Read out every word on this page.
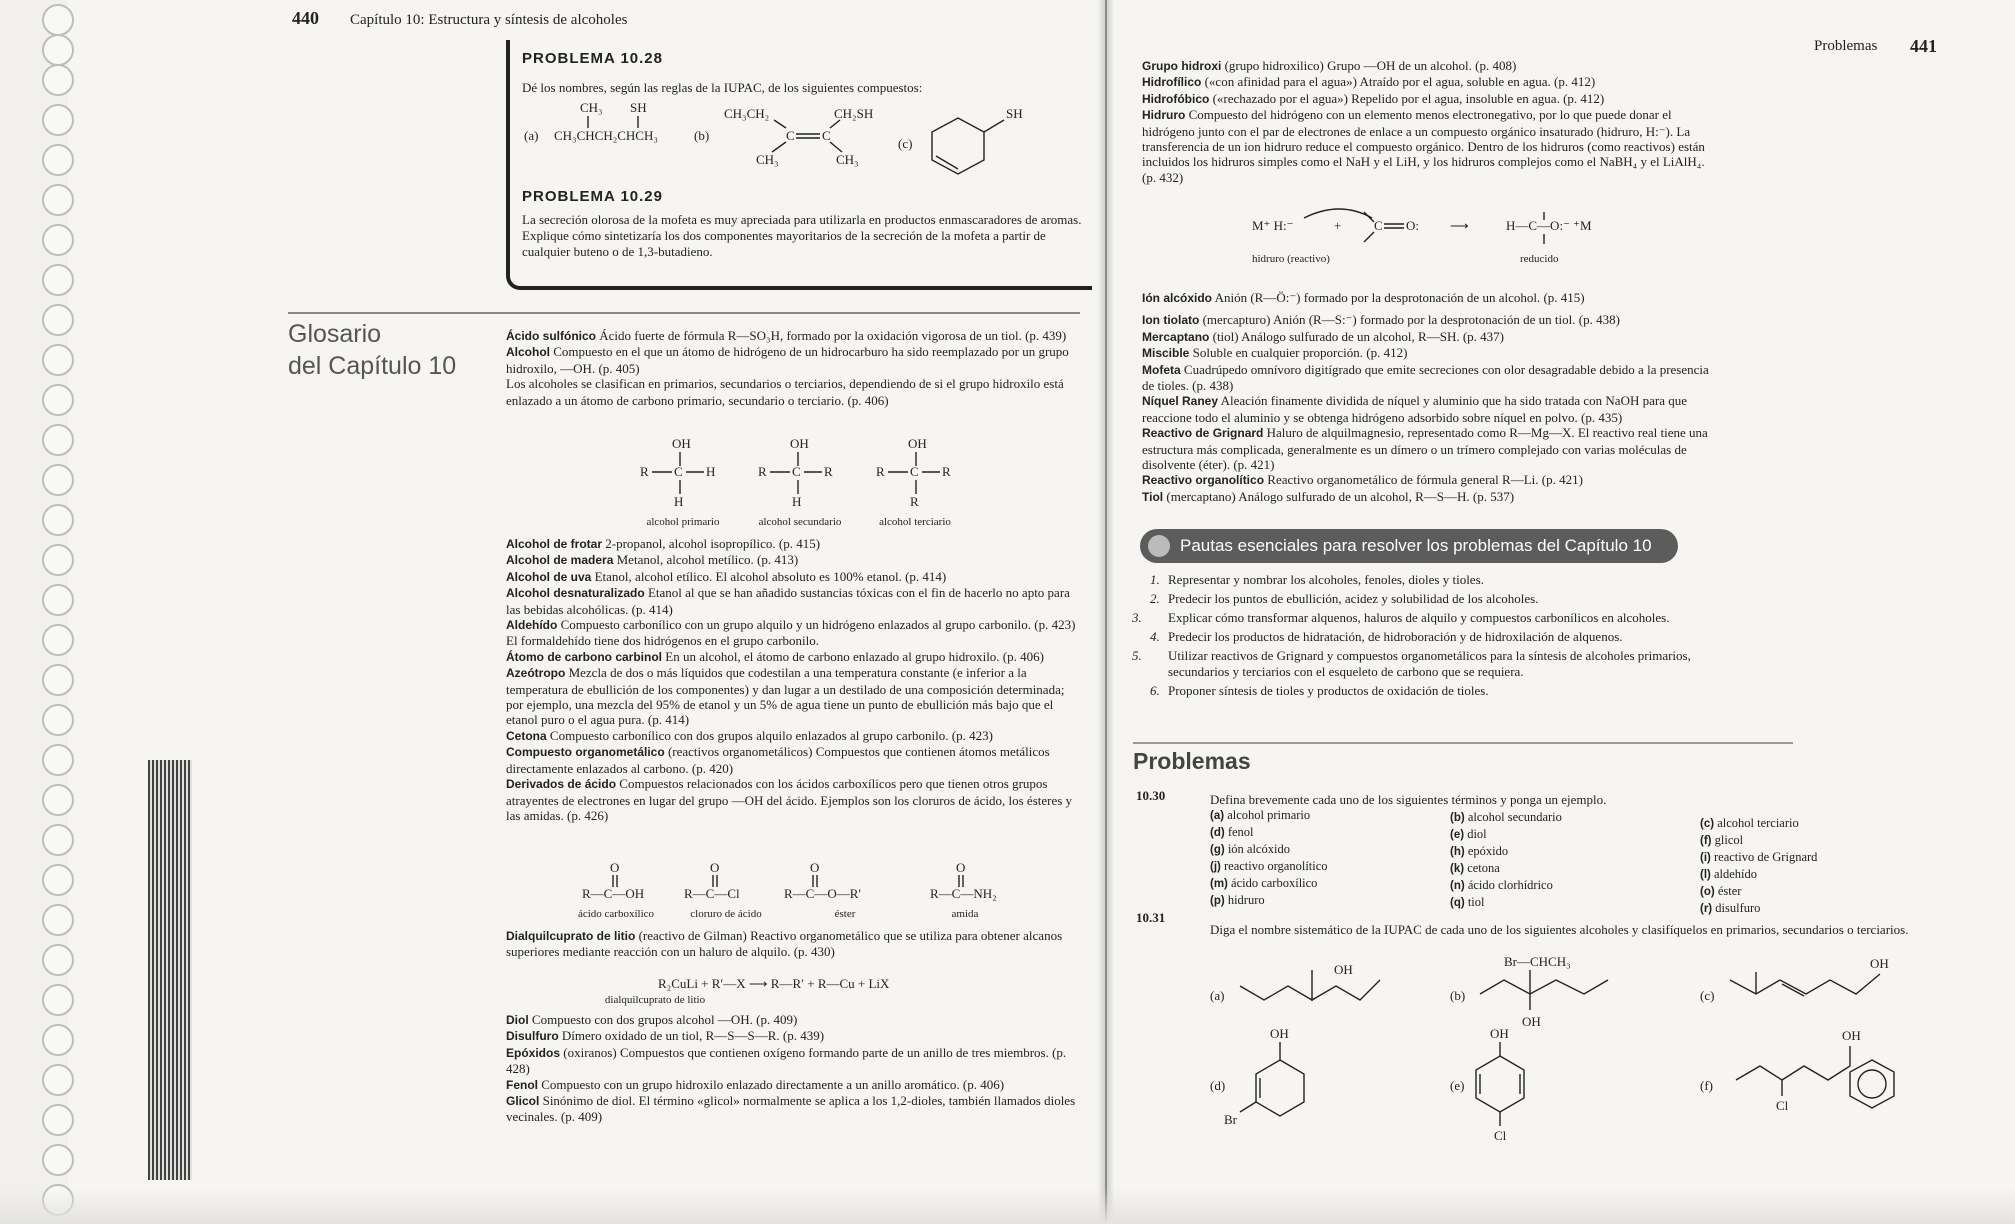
440 Capítulo 10: Estructura y síntesis de alcoholes
PROBLEMA 10.28
Dé los nombres, según las reglas de la IUPAC, de los siguientes compuestos:
(a) CH₃CHCH₂CHCH₃
CH₃ SH
(b)
CH₃CH₂	CH₂SH
CH₃	CH₃
C C
(c)
SH
PROBLEMA 10.29
La secreción olorosa de la mofeta es muy apreciada para utilizarla en productos enmascaradores de aromas. Explique cómo sintetizaría los dos componentes mayoritarios de la secreción de la mofeta a partir de cualquier buteno o de 1,3-butadieno.
Glosario
del Capítulo 10
Ácido sulfónico Ácido fuerte de fórmula R—SO₃H, formado por la oxidación vigorosa de un tiol. (p. 439)
Alcohol Compuesto en el que un átomo de hidrógeno de un hidrocarburo ha sido reemplazado por un grupo hidroxilo, —OH. (p. 405)
Los alcoholes se clasifican en primarios, secundarios o terciarios, dependiendo de si el grupo hidroxilo está enlazado a un átomo de carbono primario, secundario o terciario. (p. 406)
OH
R C H
H
OH
R C R
H
OH
R C R
R
alcohol primario	alcohol secundario	alcohol terciario
Alcohol de frotar 2-propanol, alcohol isopropílico. (p. 415)
Alcohol de madera Metanol, alcohol metílico. (p. 413)
Alcohol de uva Etanol, alcohol etílico. El alcohol absoluto es 100% etanol. (p. 414)
Alcohol desnaturalizado Etanol al que se han añadido sustancias tóxicas con el fin de hacerlo no apto para las bebidas alcohólicas. (p. 414)
Aldehído Compuesto carbonílico con un grupo alquilo y un hidrógeno enlazados al grupo carbonilo. (p. 423) El formaldehído tiene dos hidrógenos en el grupo carbonilo.
Átomo de carbono carbinol En un alcohol, el átomo de carbono enlazado al grupo hidroxilo. (p. 406)
Azeótropo Mezcla de dos o más líquidos que codestilan a una temperatura constante (e inferior a la temperatura de ebullición de los componentes) y dan lugar a un destilado de una composición determinada; por ejemplo, una mezcla del 95% de etanol y un 5% de agua tiene un punto de ebullición más bajo que el etanol puro o el agua pura. (p. 414)
Cetona Compuesto carbonílico con dos grupos alquilo enlazados al grupo carbonilo. (p. 423)
Compuesto organometálico (reactivos organometálicos) Compuestos que contienen átomos metálicos directamente enlazados al carbono. (p. 420)
Derivados de ácido Compuestos relacionados con los ácidos carboxílicos pero que tienen otros grupos atrayentes de electrones en lugar del grupo —OH del ácido. Ejemplos son los cloruros de ácido, los ésteres y las amidas. (p. 426)
O
R—C—OH
O
R—C—Cl
O
R—C—O—R′
O
R—C—NH₂
ácido carboxílico	cloruro de ácido	éster	amida
Dialquilcuprato de litio (reactivo de Gilman) Reactivo organometálico que se utiliza para obtener alcanos superiores mediante reacción con un haluro de alquilo. (p. 430)
R₂CuLi + R′—X ⟶ R—R′ + R—Cu + LiX
dialquilcuprato de litio
Diol Compuesto con dos grupos alcohol —OH. (p. 409)
Disulfuro Dímero oxidado de un tiol, R—S—S—R. (p. 439)
Epóxidos (oxiranos) Compuestos que contienen oxígeno formando parte de un anillo de tres miembros. (p. 428)
Fenol Compuesto con un grupo hidroxilo enlazado directamente a un anillo aromático. (p. 406)
Glicol Sinónimo de diol. El término «glicol» normalmente se aplica a los 1,2-dioles, también llamados dioles vecinales. (p. 409)
Problemas 441
Grupo hidroxi (grupo hidroxilico) Grupo —OH de un alcohol. (p. 408)
Hidrofílico («con afinidad para el agua») Atraído por el agua, soluble en agua. (p. 412)
Hidrofóbico («rechazado por el agua») Repelido por el agua, insoluble en agua. (p. 412)
Hidruro Compuesto del hidrógeno con un elemento menos electronegativo, por lo que puede donar el hidrógeno junto con el par de electrones de enlace a un compuesto orgánico insaturado (hidruro, H:⁻). La transferencia de un ion hidruro reduce el compuesto orgánico. Dentro de los hidruros (como reactivos) están incluidos los hidruros simples como el NaH y el LiH, y los hidruros complejos como el NaBH₄ y el LiAlH₄. (p. 432)
M⁺ H:⁻	+	C O: ⟶	H—C—O:⁻ ⁺M
hidruro (reactivo)	reducido
Ión alcóxido Anión (R—Ö:⁻) formado por la desprotonación de un alcohol. (p. 415)
Ion tiolato (mercapturo) Anión (R—S:⁻) formado por la desprotonación de un tiol. (p. 438)
Mercaptano (tiol) Análogo sulfurado de un alcohol, R—SH. (p. 437)
Miscible Soluble en cualquier proporción. (p. 412)
Mofeta Cuadrúpedo omnívoro digitígrado que emite secreciones con olor desagradable debido a la presencia de tioles. (p. 438)
Níquel Raney Aleación finamente dividida de níquel y aluminio que ha sido tratada con NaOH para que reaccione todo el aluminio y se obtenga hidrógeno adsorbido sobre níquel en polvo. (p. 435)
Reactivo de Grignard Haluro de alquilmagnesio, representado como R—Mg—X. El reactivo real tiene una estructura más complicada, generalmente es un dímero o un trímero complejado con varias moléculas de disolvente (éter). (p. 421)
Reactivo organolítico Reactivo organometálico de fórmula general R—Li. (p. 421)
Tiol (mercaptano) Análogo sulfurado de un alcohol, R—S—H. (p. 537)
Pautas esenciales para resolver los problemas del Capítulo 10
1. Representar y nombrar los alcoholes, fenoles, dioles y tioles.
2. Predecir los puntos de ebullición, acidez y solubilidad de los alcoholes.
3. Explicar cómo transformar alquenos, haluros de alquilo y compuestos carbonílicos en alcoholes.
4. Predecir los productos de hidratación, de hidroboración y de hidroxilación de alquenos.
5. Utilizar reactivos de Grignard y compuestos organometálicos para la síntesis de alcoholes primarios, secundarios y terciarios con el esqueleto de carbono que se requiera.
6. Proponer síntesis de tioles y productos de oxidación de tioles.
Problemas
10.30	Defina brevemente cada uno de los siguientes términos y ponga un ejemplo.
(a) alcohol primario	(b) alcohol secundario	(c) alcohol terciario
(d) fenol	(e) diol	(f) glicol
(g) ión alcóxido	(h) epóxido	(i) reactivo de Grignard
(j) reactivo organolítico	(k) cetona	(l) aldehído
(m) ácido carboxílico	(n) ácido clorhídrico	(o) éster
(p) hidruro	(q) tiol	(r) disulfuro
10.31
Diga el nombre sistemático de la IUPAC de cada uno de los siguientes alcoholes y clasifíquelos en primarios, secundarios o terciarios.
(a)
OH
(b)
Br—CHCH₃
OH
(c)
OH
(d)
OH
Br
(e)
OH
Cl
(f)
Cl
OH
